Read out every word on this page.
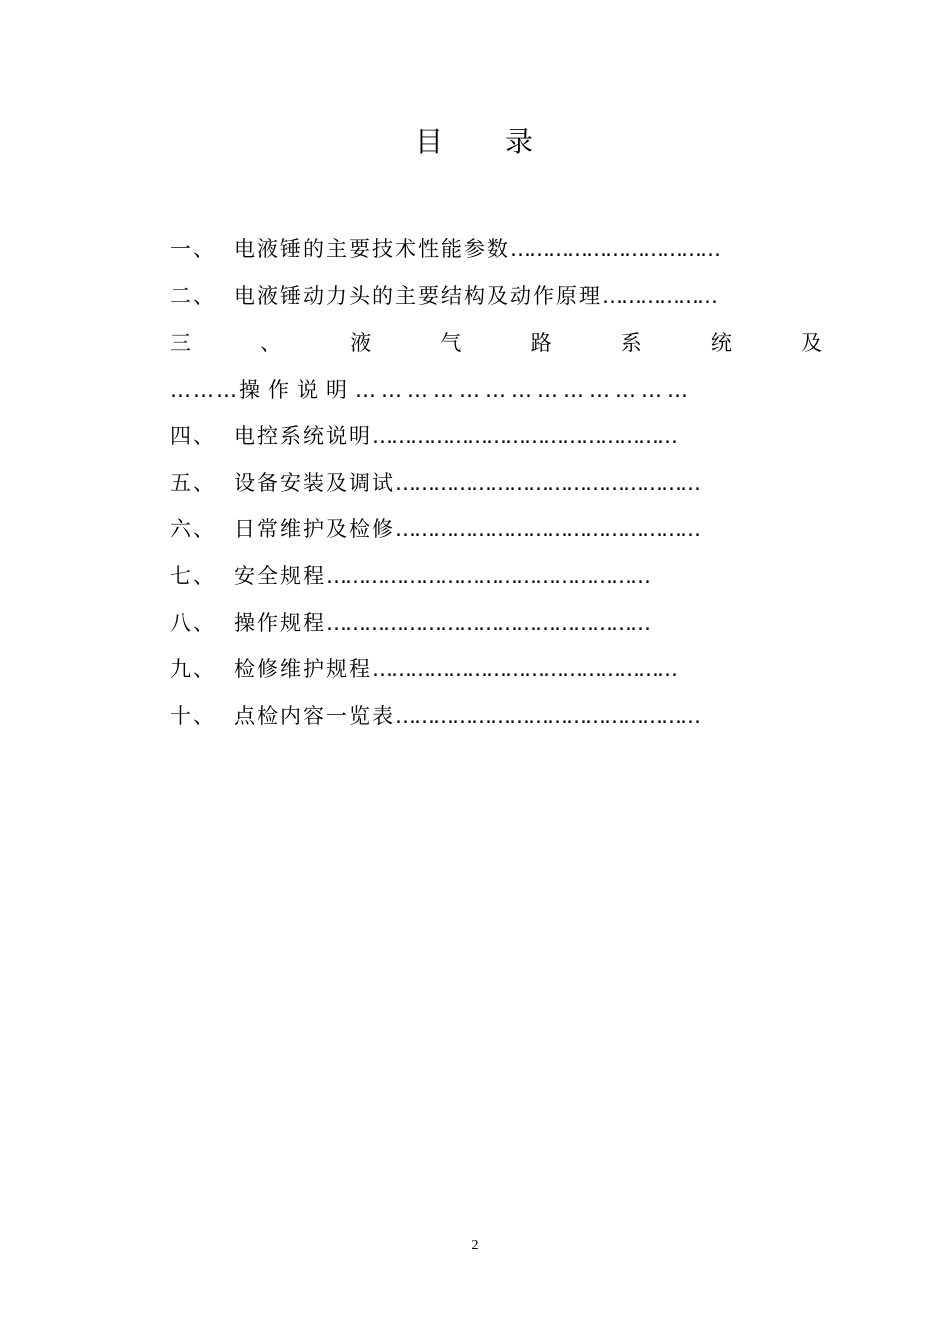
目 录
一、 电液锤的主要技术性能参数……………………………
二、 电液锤动力头的主要结构及动作原理………………
三	、	液	气	路	系	统	及
………操作说明…………………………………
四、 电控系统说明…………………………………………
五、 设备安装及调试…………………………………………
六、 日常维护及检修…………………………………………
七、 安全规程……………………………………………
八、 操作规程……………………………………………
九、 检修维护规程…………………………………………
十、 点检内容一览表…………………………………………
2
